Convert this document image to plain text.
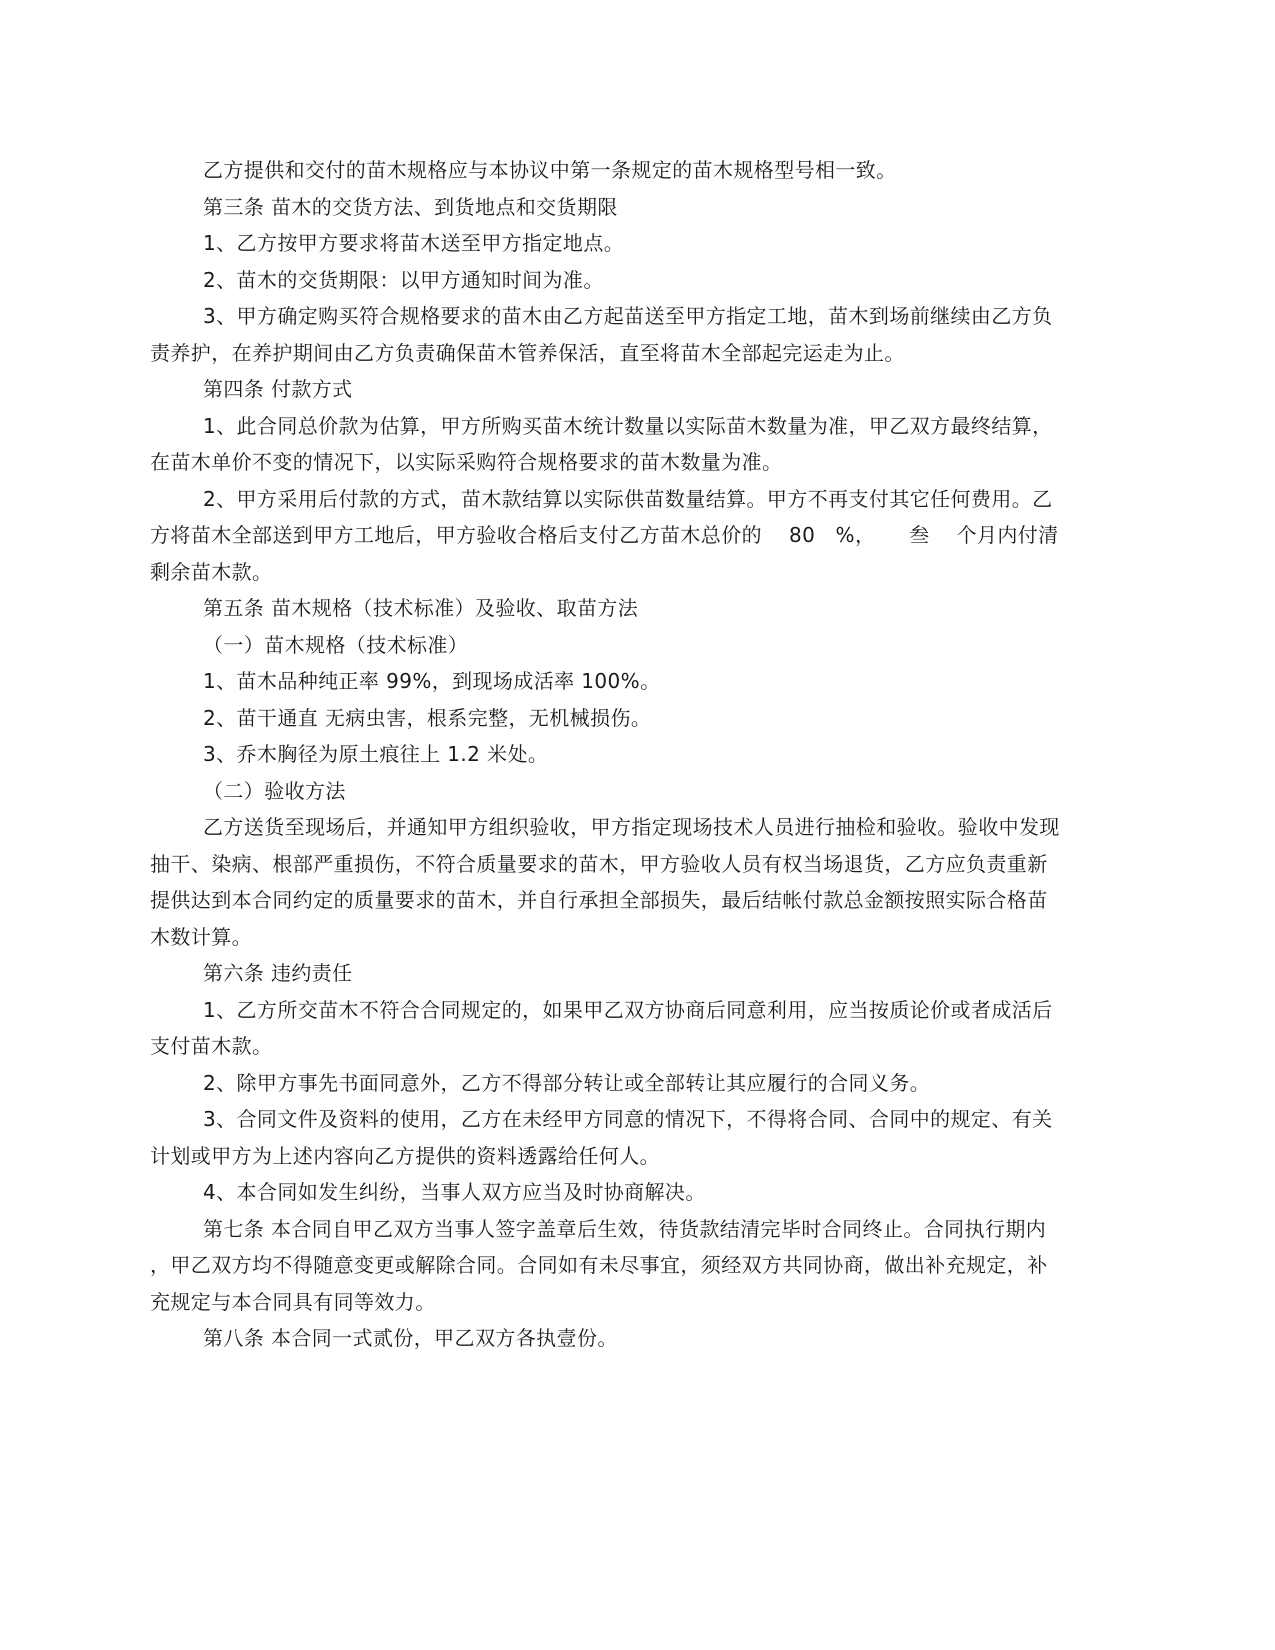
乙方提供和交付的苗木规格应与本协议中第一条规定的苗木规格型号相一致。

第三条 苗木的交货方法、到货地点和交货期限

1、乙方按甲方要求将苗木送至甲方指定地点。

2、苗木的交货期限：以甲方通知时间为准。

3、甲方确定购买符合规格要求的苗木由乙方起苗送至甲方指定工地，苗木到场前继续由乙方负

责养护，在养护期间由乙方负责确保苗木管养保活，直至将苗木全部起完运走为止。

第四条 付款方式

1、此合同总价款为估算，甲方所购买苗木统计数量以实际苗木数量为准，甲乙双方最终结算，

在苗木单价不变的情况下，以实际采购符合规格要求的苗木数量为准。

2、甲方采用后付款的方式，苗木款结算以实际供苗数量结算。甲方不再支付其它任何费用。乙

方将苗木全部送到甲方工地后，甲方验收合格后支付乙方苗木总价的    80   %，     叁    个月内付清

剩余苗木款。

第五条 苗木规格（技术标准）及验收、取苗方法

（一）苗木规格（技术标准）

1、苗木品种纯正率 99%，到现场成活率 100%。

2、苗干通直 无病虫害，根系完整，无机械损伤。

3、乔木胸径为原土痕往上 1.2 米处。

（二）验收方法

乙方送货至现场后，并通知甲方组织验收，甲方指定现场技术人员进行抽检和验收。验收中发现

抽干、染病、根部严重损伤，不符合质量要求的苗木，甲方验收人员有权当场退货，乙方应负责重新

提供达到本合同约定的质量要求的苗木，并自行承担全部损失，最后结帐付款总金额按照实际合格苗

木数计算。

第六条 违约责任

1、乙方所交苗木不符合合同规定的，如果甲乙双方协商后同意利用，应当按质论价或者成活后

支付苗木款。

2、除甲方事先书面同意外，乙方不得部分转让或全部转让其应履行的合同义务。

3、合同文件及资料的使用，乙方在未经甲方同意的情况下，不得将合同、合同中的规定、有关

计划或甲方为上述内容向乙方提供的资料透露给任何人。

4、本合同如发生纠纷，当事人双方应当及时协商解决。

第七条 本合同自甲乙双方当事人签字盖章后生效，待货款结清完毕时合同终止。合同执行期内

，甲乙双方均不得随意变更或解除合同。合同如有未尽事宜，须经双方共同协商，做出补充规定，补

充规定与本合同具有同等效力。

第八条 本合同一式贰份，甲乙双方各执壹份。
